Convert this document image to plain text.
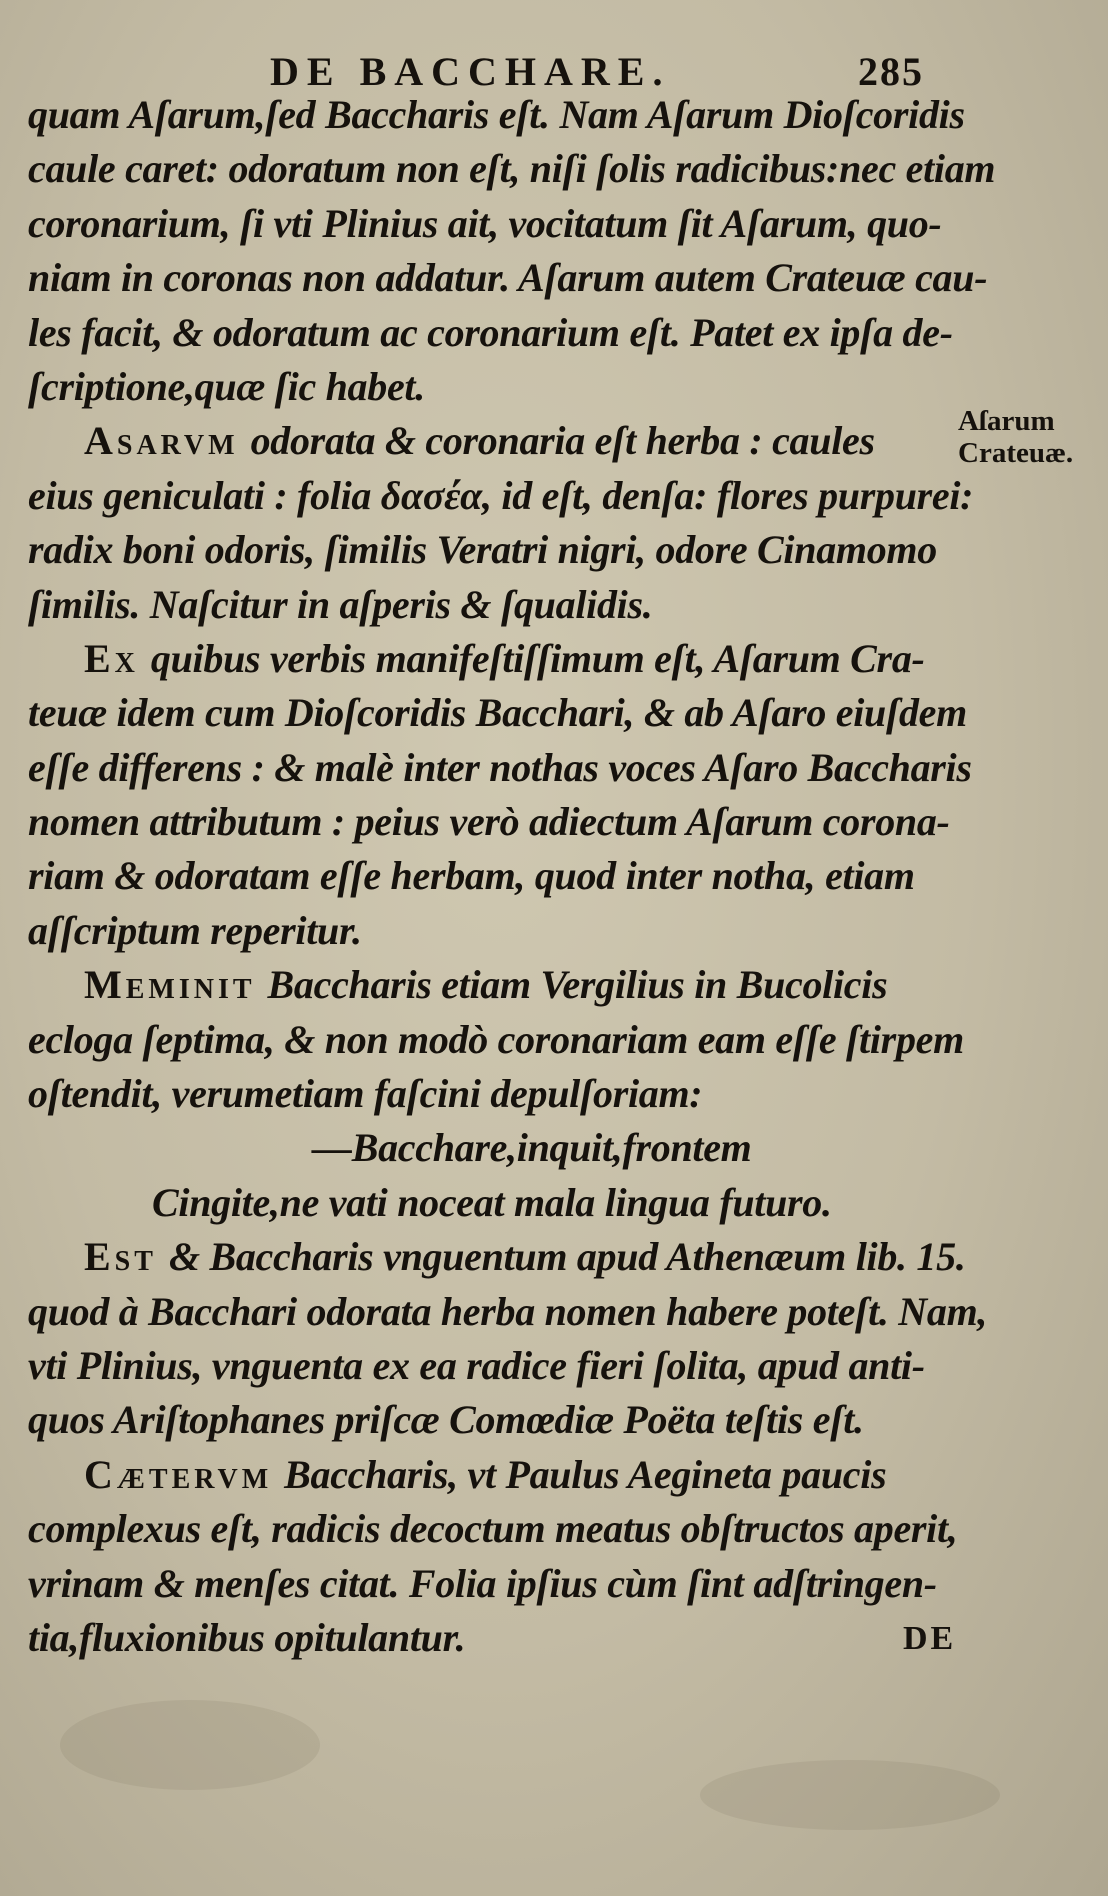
DE BACCHARE.	285
quam Aſarum,ſed Baccharis eſt. Nam Aſarum Dioſcoridis
caule caret: odoratum non eſt, niſi ſolis radicibus:nec etiam
coronarium, ſi vti Plinius ait, vocitatum ſit Aſarum, quo-
niam in coronas non addatur. Aſarum autem Crateuæ cau-
les facit, & odoratum ac coronarium eſt. Patet ex ipſa de-
ſcriptione,quæ ſic habet.
Asarvm odorata & coronaria eſt herba : caules
eius geniculati : folia δασέα, id eſt, denſa: flores purpurei:
radix boni odoris, ſimilis Veratri nigri, odore Cinamomo
ſimilis. Naſcitur in aſperis & ſqualidis.
Ex quibus verbis manifeſtiſſimum eſt, Aſarum Cra-
teuæ idem cum Dioſcoridis Bacchari, & ab Aſaro eiuſdem
eſſe differens : & malè inter nothas voces Aſaro Baccharis
nomen attributum : peius verò adiectum Aſarum corona-
riam & odoratam eſſe herbam, quod inter notha, etiam
aſſcriptum reperitur.
Meminit Baccharis etiam Vergilius in Bucolicis
ecloga ſeptima, & non modò coronariam eam eſſe ſtirpem
oſtendit, verumetiam faſcini depulſoriam:
—Bacchare,inquit,frontem
Cingite,ne vati noceat mala lingua futuro.
Est & Baccharis vnguentum apud Athenæum lib. 15.
quod à Bacchari odorata herba nomen habere poteſt. Nam,
vti Plinius, vnguenta ex ea radice fieri ſolita, apud anti-
quos Ariſtophanes priſcæ Comœdiæ Poëta teſtis eſt.
Cætervm Baccharis, vt Paulus Aegineta paucis
complexus eſt, radicis decoctum meatus obſtructos aperit,
vrinam & menſes citat. Folia ipſius cùm ſint adſtringen-
tia,fluxionibus opitulantur.
Aſarum
Crateuæ.
DE
